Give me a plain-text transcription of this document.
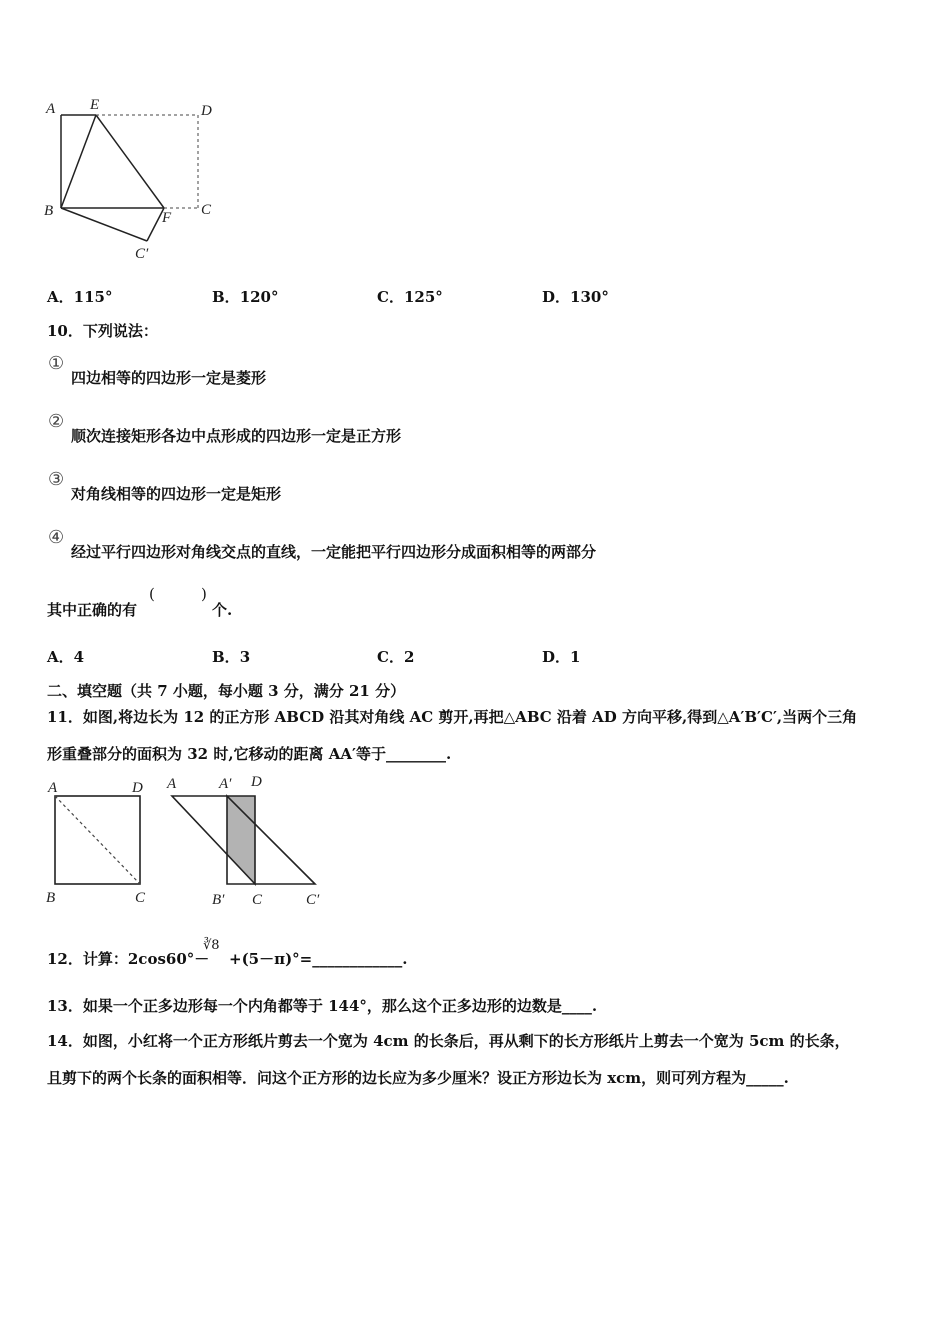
A E	D
B	F C
C′
A．115°	B．120°	C．125°	D．130°
10．下列说法：
①
四边相等的四边形一定是菱形
②
顺次连接矩形各边中点形成的四边形一定是正方形
③
对角线相等的四边形一定是矩形
④
经过平行四边形对角线交点的直线，一定能把平行四边形分成面积相等的两部分
其中正确的有
(	)
个.
A．4	B．3	C．2	D．1
二、填空题（共 7 小题，每小题 3 分，满分 21 分）
11．如图,将边长为 12 的正方形 ABCD 沿其对角线 AC 剪开,再把△ABC 沿着 AD 方向平移,得到△A′B′C′,当两个三角
形重叠部分的面积为 32 时,它移动的距离 AA′等于________.
A	D
B	C
A	A′ D
B′ C	C′
12．计算：2cos60°－
∛8
+(5－π)°=____________.
13．如果一个正多边形每一个内角都等于 144°，那么这个正多边形的边数是____.
14．如图，小红将一个正方形纸片剪去一个宽为 4cm 的长条后，再从剩下的长方形纸片上剪去一个宽为 5cm 的长条，
且剪下的两个长条的面积相等．问这个正方形的边长应为多少厘米？设正方形边长为 xcm，则可列方程为_____.
